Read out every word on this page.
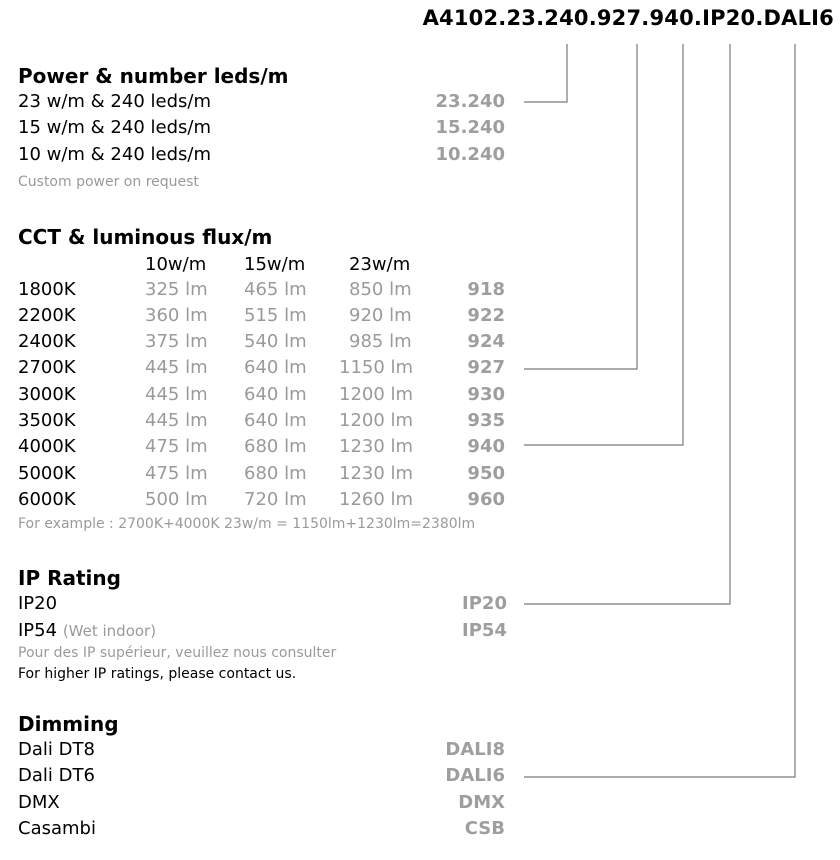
A4102.23.240.927.940.IP20.DALI6
Power & number leds/m
23 w/m & 240 leds/m	23.240
15 w/m & 240 leds/m	15.240
10 w/m & 240 leds/m	10.240
Custom power on request
CCT & luminous flux/m
10w/m 15w/m 23w/m
1800K	325 lm 465 lm 850 lm	918
2200K	360 lm 515 lm 920 lm	922
2400K	375 lm 540 lm 985 lm	924
2700K	445 lm 640 lm 1150 lm	927
3000K	445 lm 640 lm 1200 lm	930
3500K	445 lm 640 lm 1200 lm	935
4000K	475 lm 680 lm 1230 lm	940
5000K	475 lm 680 lm 1230 lm	950
6000K	500 lm 720 lm 1260 lm	960
For example : 2700K+4000K 23w/m = 1150lm+1230lm=2380lm
IP Rating
IP20	IP20
IP54 (Wet indoor)	IP54
Pour des IP supérieur, veuillez nous consulter
For higher IP ratings, please contact us.
Dimming
Dali DT8	DALI8
Dali DT6	DALI6
DMX	DMX
Casambi	CSB
